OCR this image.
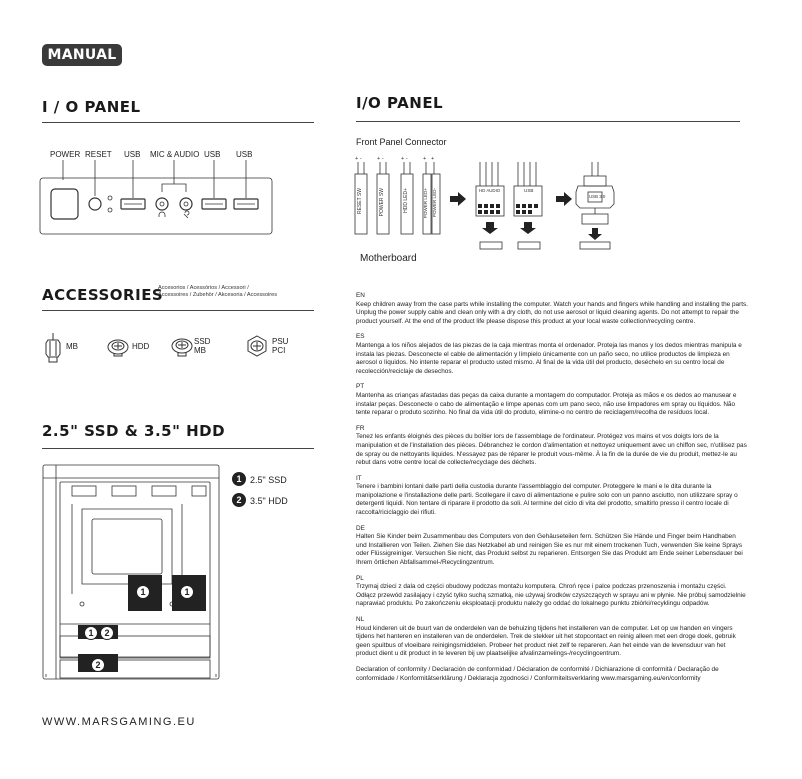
MANUAL
I / O PANEL
POWER RESET USB MIC & AUDIO USB USB
ACCESSORIES
Accesorios / Acessórios / Accessori /
Accessoires / Zubehör / Akcesoria / Accessoires
MB	HDD
SSD
MB
PSU
PCI
2.5" SSD & 3.5" HDD
1	1
1	2
2
1 2.5" SSD
2 3.5" HDD
WWW.MARSGAMING.EU
I/O PANEL
Front Panel Connector
+ -	+ -	+ -	+ +
RESET SW	POWER SW	HDD LED+	POWER LED+ POWER LED-	HD AUDIO	USB
USB 3.0
Motherboard
EN
Keep children away from the case parts while installing the computer. Watch your hands and fingers while handling and installing the parts. Unplug the power supply cable and clean only with a dry cloth, do not use aerosol or liquid cleaning agents. Do not attempt to repair the product yourself. At the end of the product life please dispose this product at your local waste collection/recycling centre.
ES
Mantenga a los niños alejados de las piezas de la caja mientras monta el ordenador. Proteja las manos y los dedos mientras manipula e instala las piezas. Desconecte el cable de alimentación y límpielo únicamente con un paño seco, no utilice productos de limpieza en aerosol o líquidos. No intente reparar el producto usted mismo. Al final de la vida útil del producto, deséchelo en su centro local de recolección/reciclaje de desechos.
PT
Mantenha as crianças afastadas das peças da caixa durante a montagem do computador. Proteja as mãos e os dedos ao manusear e instalar peças. Desconecte o cabo de alimentação e limpe apenas com um pano seco, não use limpadores em spray ou líquidos. Não tente reparar o produto sozinho. No final da vida útil do produto, elimine-o no centro de reciclagem/recolha de resíduos local.
FR
Tenez les enfants éloignés des pièces du boîtier lors de l'assemblage de l'ordinateur. Protégez vos mains et vos doigts lors de la manipulation et de l'installation des pièces. Débranchez le cordon d'alimentation et nettoyez uniquement avec un chiffon sec, n'utilisez pas de spray ou de nettoyants liquides. N'essayez pas de réparer le produit vous-même. À la fin de la durée de vie du produit, mettez-le au rebut dans votre centre local de collecte/recyclage des déchets.
IT
Tenere i bambini lontani dalle parti della custodia durante l'assemblaggio del computer. Proteggere le mani e le dita durante la manipolazione e l'installazione delle parti. Scollegare il cavo di alimentazione e pulire solo con un panno asciutto, non utilizzare spray o detergenti liquidi. Non tentare di riparare il prodotto da soli. Al termine del ciclo di vita del prodotto, smaltirlo presso il centro locale di raccolta/riciclaggio dei rifiuti.
DE
Halten Sie Kinder beim Zusammenbau des Computers von den Gehäuseteilen fern. Schützen Sie Hände und Finger beim Handhaben und Installieren von Teilen. Ziehen Sie das Netzkabel ab und reinigen Sie es nur mit einem trockenen Tuch, verwenden Sie keine Sprays oder Flüssigreiniger. Versuchen Sie nicht, das Produkt selbst zu reparieren. Entsorgen Sie das Produkt am Ende seiner Lebensdauer bei Ihrem örtlichen Abfallsammel-/Recyclingzentrum.
PL
Trzymaj dzieci z dala od części obudowy podczas montażu komputera. Chroń ręce i palce podczas przenoszenia i montażu części. Odłącz przewód zasilający i czyść tylko suchą szmatką, nie używaj środków czyszczących w sprayu ani w płynie. Nie próbuj samodzielnie naprawiać produktu. Po zakończeniu eksploatacji produktu należy go oddać do lokalnego punktu zbiórki/recyklingu odpadów.
NL
Houd kinderen uit de buurt van de onderdelen van de behuizing tijdens het installeren van de computer. Let op uw handen en vingers tijdens het hanteren en installeren van de onderdelen. Trek de stekker uit het stopcontact en reinig alleen met een droge doek, gebruik geen spuitbus of vloeibare reinigingsmiddelen. Probeer het product niet zelf te repareren. Aan het einde van de levensduur van het product dient u dit product in te leveren bij uw plaatselijke afvalinzamelings-/recyclingcentrum.
Declaration of conformity / Declaración de conformidad / Déclaration de conformité / Dichiarazione di conformità / Declaração de conformidade / Konformitätserklärung / Deklaracja zgodności / Conformiteitsverklaring www.marsgaming.eu/en/conformity
